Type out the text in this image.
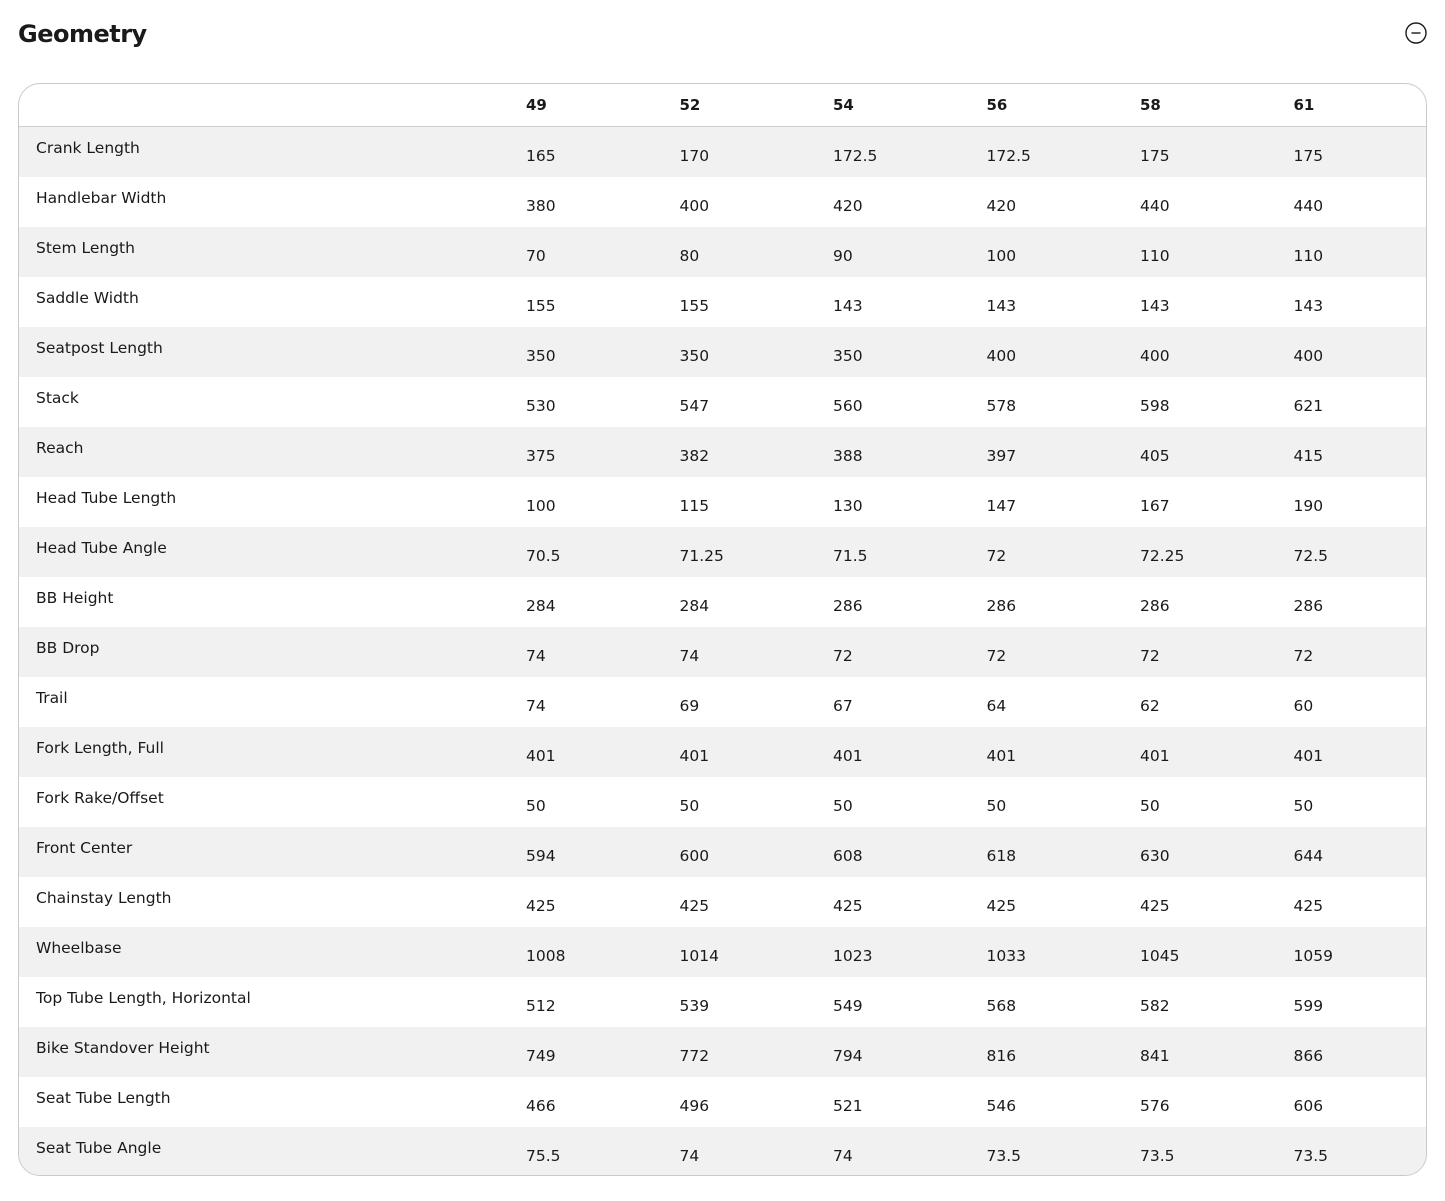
Geometry
	49	52	54	56	58	61
Crank Length	165	170	172.5	172.5	175	175
Handlebar Width	380	400	420	420	440	440
Stem Length	70	80	90	100	110	110
Saddle Width	155	155	143	143	143	143
Seatpost Length	350	350	350	400	400	400
Stack	530	547	560	578	598	621
Reach	375	382	388	397	405	415
Head Tube Length	100	115	130	147	167	190
Head Tube Angle	70.5	71.25	71.5	72	72.25	72.5
BB Height	284	284	286	286	286	286
BB Drop	74	74	72	72	72	72
Trail	74	69	67	64	62	60
Fork Length, Full	401	401	401	401	401	401
Fork Rake/Offset	50	50	50	50	50	50
Front Center	594	600	608	618	630	644
Chainstay Length	425	425	425	425	425	425
Wheelbase	1008	1014	1023	1033	1045	1059
Top Tube Length, Horizontal	512	539	549	568	582	599
Bike Standover Height	749	772	794	816	841	866
Seat Tube Length	466	496	521	546	576	606
Seat Tube Angle	75.5	74	74	73.5	73.5	73.5
